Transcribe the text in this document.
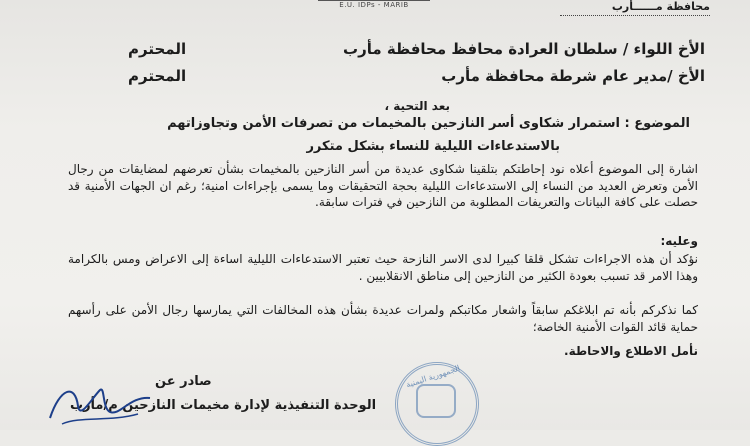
E.U. IDPs - MARIB	محافظة مــــــأرب
الأخ اللواء / سلطان العرادة محافظ محافظة مأرب
المحترم
الأخ /مدير عام شرطة محافظة مأرب
المحترم
بعد التحية ،
الموضوع : استمرار شكاوى أسر النازحين بالمخيمات من تصرفات الأمن وتجاوزاتهم
بالاستدعاءات الليلية للنساء بشكل متكرر
اشارة إلى الموضوع أعلاه نود إحاطتكم بتلقينا شكاوى عديدة من أسر النازحين بالمخيمات بشأن تعرضهم لمضايقات من رجال الأمن وتعرض العديد من النساء إلى الاستدعاءات الليلية بحجة التحقيقات وما يسمى بإجراءات امنية؛ رغم ان الجهات الأمنية قد حصلت على كافة البيانات والتعريفات المطلوبة من النازحين في فترات سابقة.
وعليه:
نؤكد أن هذه الاجراءات تشكل قلقا كبيرا لدى الاسر النازحة حيث تعتبر الاستدعاءات الليلية اساءة إلى الاعراض ومس بالكرامة وهذا الامر قد تسبب بعودة الكثير من النازحين إلى مناطق الانقلابيين .
كما نذكركم بأنه تم ابلاغكم سابقاً واشعار مكاتبكم ولمرات عديدة بشأن هذه المخالفات التي يمارسها رجال الأمن على رأسهم حماية قائد القوات الأمنية الخاصة؛
نأمل الاطلاع والاحاطة.
الجمهورية اليمنية
صادر عن
الوحدة التنفيذية لإدارة مخيمات النازحين م/مأرب
